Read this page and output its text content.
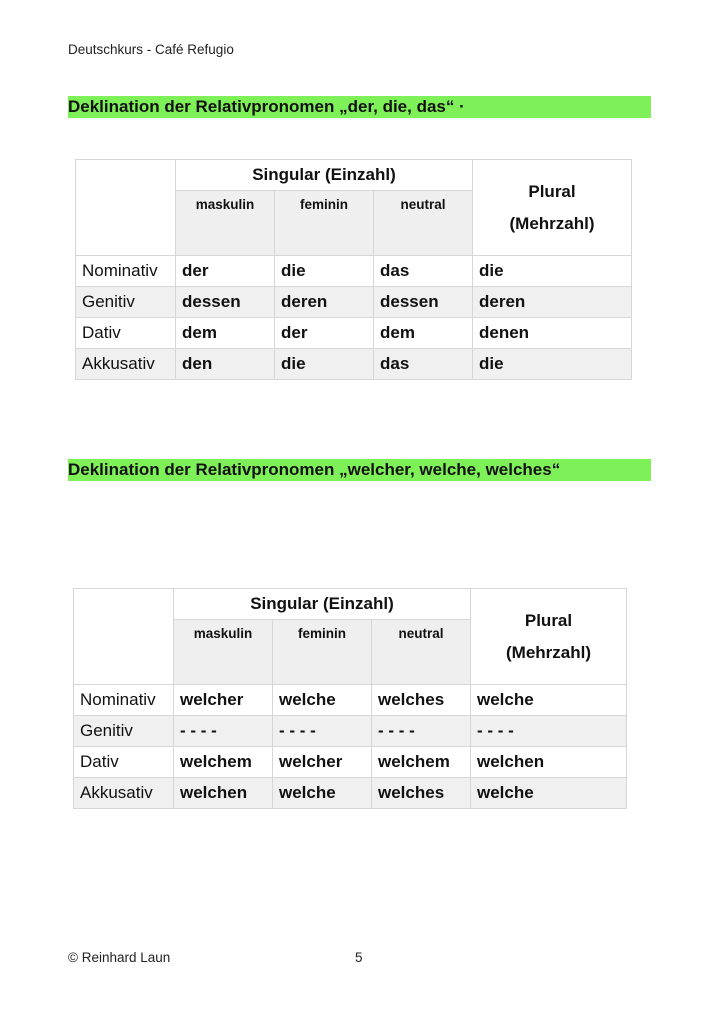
Deutschkurs - Café Refugio
Deklination der Relativpronomen „der, die, das“ ·
	Singular (Einzahl)			Plural
(Mehrzahl)

	maskulin	feminin	neutral	
Nominativ	der	die	das	die
Genitiv	dessen	deren	dessen	deren
Dativ	dem	der	dem	denen
Akkusativ	den	die	das	die
Deklination der Relativpronomen „welcher, welche, welches“
	Singular (Einzahl)			Plural
(Mehrzahl)

	maskulin	feminin	neutral	
Nominativ	welcher	welche	welches	welche
Genitiv	- - - -	- - - -	- - - -	- - - -
Dativ	welchem	welcher	welchem	welchen
Akkusativ	welchen	welche	welches	welche
© Reinhard Laun	5
